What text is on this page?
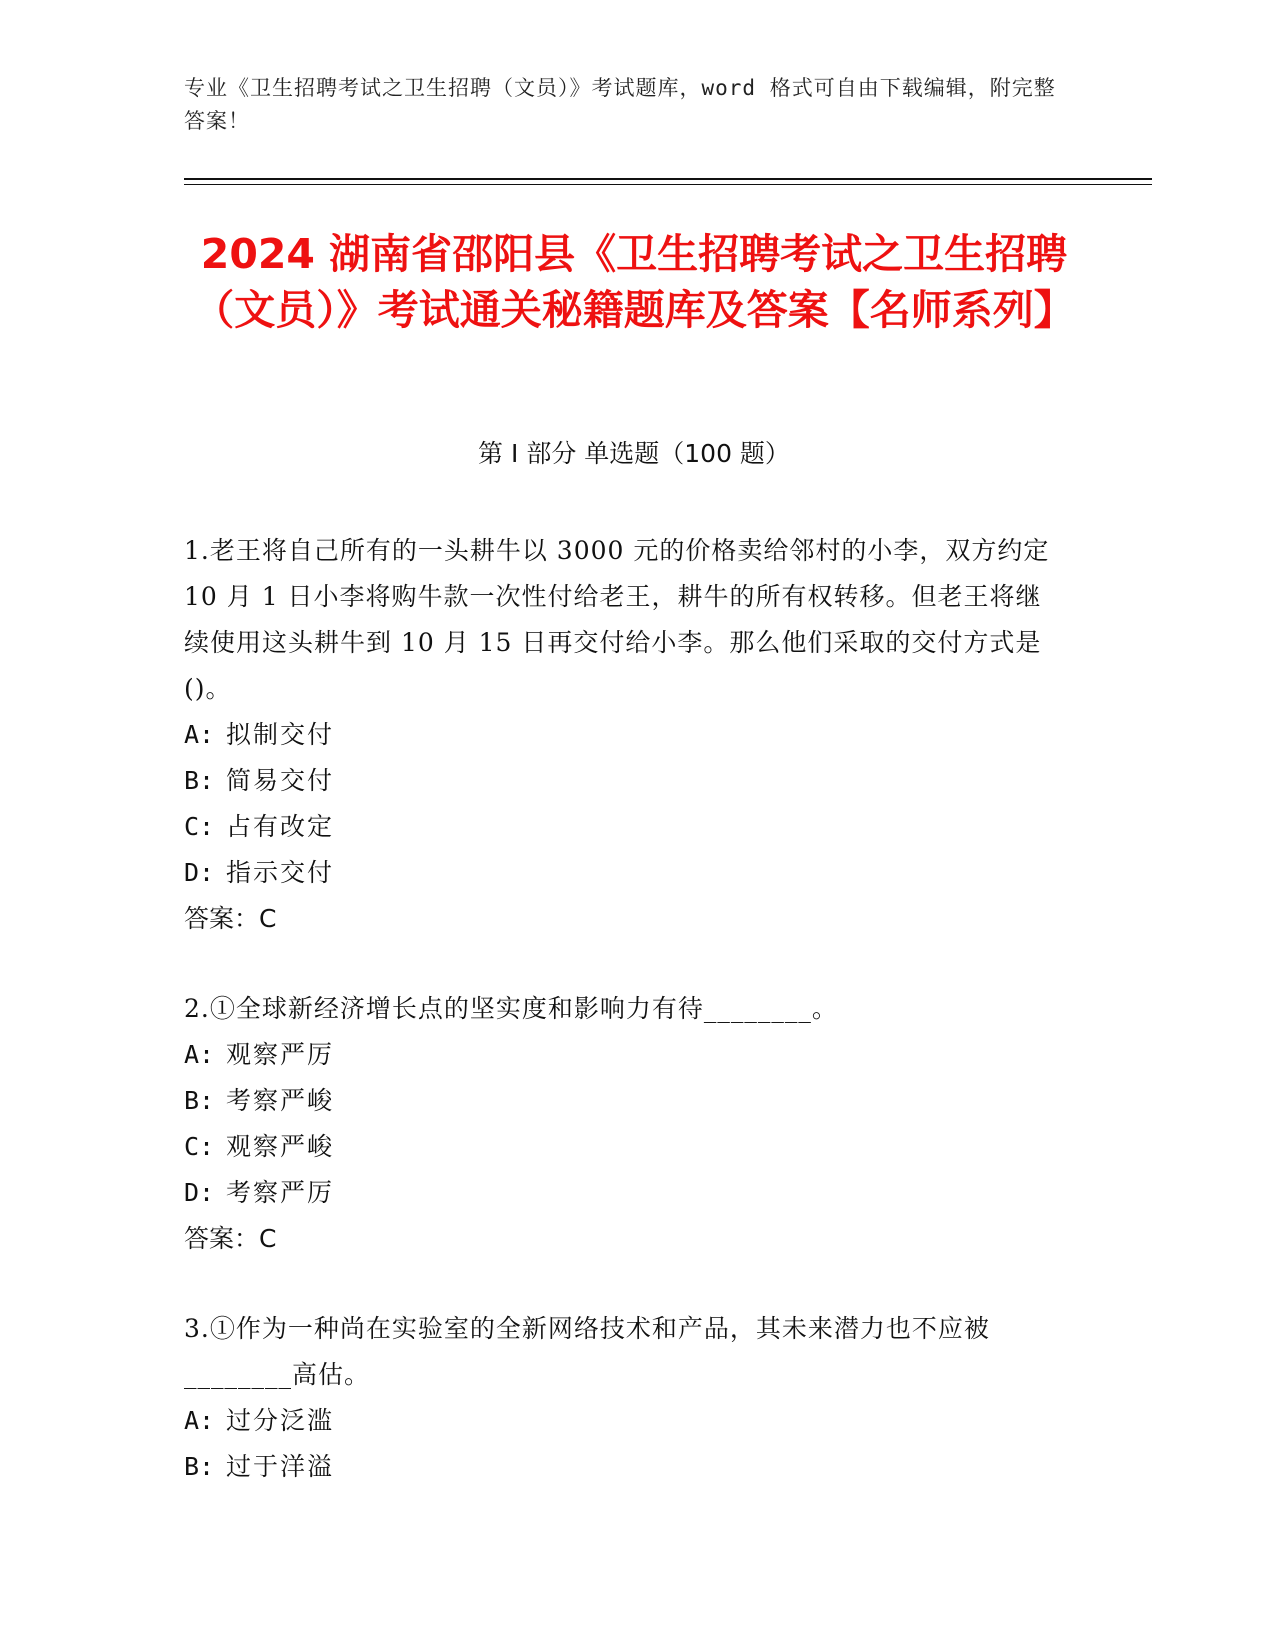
专业《卫生招聘考试之卫生招聘（文员）》考试题库，word 格式可自由下载编辑，附完整答案！
2024 湖南省邵阳县《卫生招聘考试之卫生招聘（文员）》考试通关秘籍题库及答案【名师系列】
第 I 部分 单选题（100 题）
1.老王将自己所有的一头耕牛以 3000 元的价格卖给邻村的小李，双方约定 10 月 1 日小李将购牛款一次性付给老王，耕牛的所有权转移。但老王将继续使用这头耕牛到 10 月 15 日再交付给小李。那么他们采取的交付方式是()。
A: 拟制交付
B: 简易交付
C: 占有改定
D: 指示交付
答案：C
2.①全球新经济增长点的坚实度和影响力有待________。
A: 观察严厉
B: 考察严峻
C: 观察严峻
D: 考察严厉
答案：C
3.①作为一种尚在实验室的全新网络技术和产品，其未来潜力也不应被________高估。
A: 过分泛滥
B: 过于洋溢
